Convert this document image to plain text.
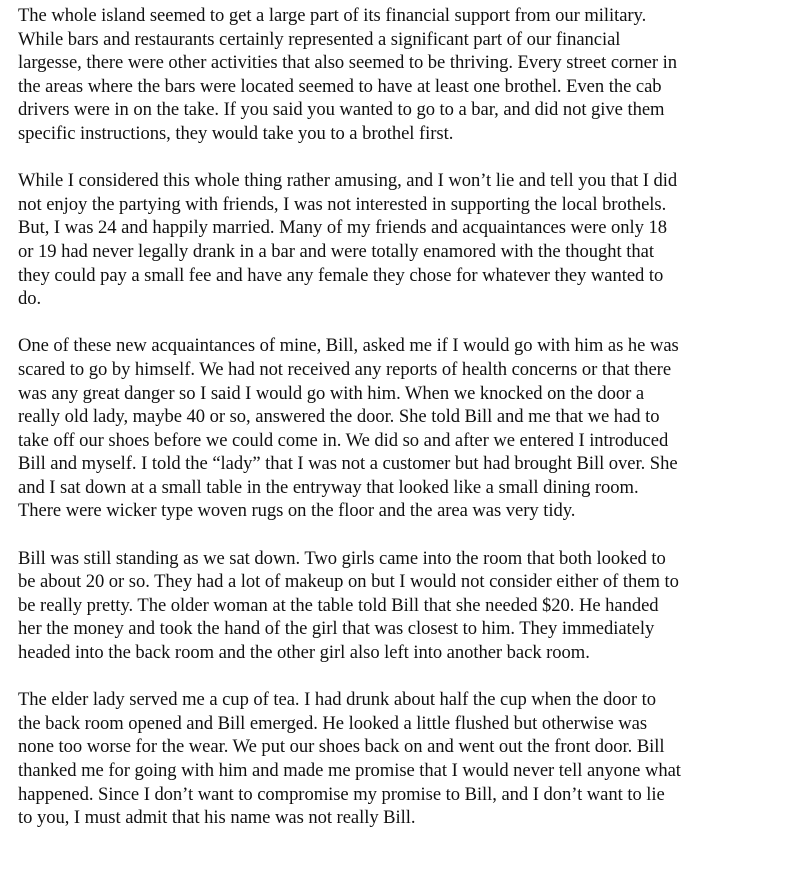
The whole island seemed to get a large part of its financial support from our military.
While bars and restaurants certainly represented a significant part of our financial
largesse, there were other activities that also seemed to be thriving. Every street corner in
the areas where the bars were located seemed to have at least one brothel. Even the cab
drivers were in on the take. If you said you wanted to go to a bar, and did not give them
specific instructions, they would take you to a brothel first.

While I considered this whole thing rather amusing, and I won’t lie and tell you that I did
not enjoy the partying with friends, I was not interested in supporting the local brothels.
But, I was 24 and happily married. Many of my friends and acquaintances were only 18
or 19 had never legally drank in a bar and were totally enamored with the thought that
they could pay a small fee and have any female they chose for whatever they wanted to
do.

One of these new acquaintances of mine, Bill, asked me if I would go with him as he was
scared to go by himself. We had not received any reports of health concerns or that there
was any great danger so I said I would go with him. When we knocked on the door a
really old lady, maybe 40 or so, answered the door. She told Bill and me that we had to
take off our shoes before we could come in. We did so and after we entered I introduced
Bill and myself. I told the “lady” that I was not a customer but had brought Bill over. She
and I sat down at a small table in the entryway that looked like a small dining room.
There were wicker type woven rugs on the floor and the area was very tidy.

Bill was still standing as we sat down. Two girls came into the room that both looked to
be about 20 or so. They had a lot of makeup on but I would not consider either of them to
be really pretty. The older woman at the table told Bill that she needed $20. He handed
her the money and took the hand of the girl that was closest to him. They immediately
headed into the back room and the other girl also left into another back room.

The elder lady served me a cup of tea. I had drunk about half the cup when the door to
the back room opened and Bill emerged. He looked a little flushed but otherwise was
none too worse for the wear. We put our shoes back on and went out the front door. Bill
thanked me for going with him and made me promise that I would never tell anyone what
happened. Since I don’t want to compromise my promise to Bill, and I don’t want to lie
to you, I must admit that his name was not really Bill.
